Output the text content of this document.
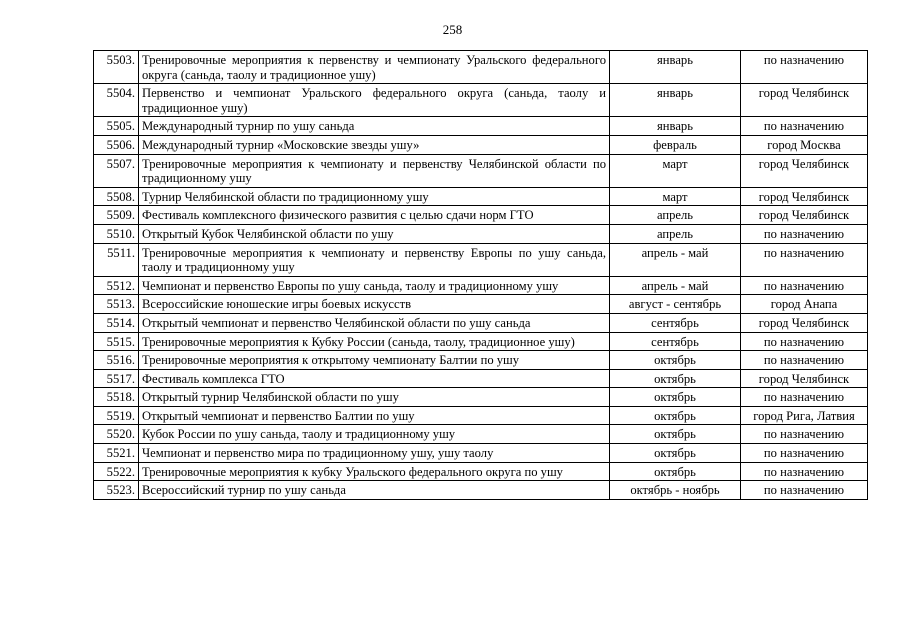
258
5503.	Тренировочные мероприятия к первенству и чемпионату Уральского федерального округа (саньда, таолу и традиционное ушу)	январь	по назначению
5504.	Первенство и чемпионат Уральского федерального округа (саньда, таолу и традиционное ушу)	январь	город Челябинск
5505.	Международный турнир по ушу саньда	январь	по назначению
5506.	Международный турнир «Московские звезды ушу»	февраль	город Москва
5507.	Тренировочные мероприятия к чемпионату и первенству Челябинской области по традиционному ушу	март	город Челябинск
5508.	Турнир Челябинской области по традиционному ушу	март	город Челябинск
5509.	Фестиваль комплексного физического развития с целью сдачи норм ГТО	апрель	город Челябинск
5510.	Открытый Кубок Челябинской области по ушу	апрель	по назначению
5511.	Тренировочные мероприятия к чемпионату и первенству Европы по ушу саньда, таолу и традиционному ушу	апрель - май	по назначению
5512.	Чемпионат и первенство Европы по ушу саньда, таолу и традиционному ушу	апрель - май	по назначению
5513.	Всероссийские юношеские игры боевых искусств	август - сентябрь	город Анапа
5514.	Открытый чемпионат и первенство Челябинской области по ушу саньда	сентябрь	город Челябинск
5515.	Тренировочные мероприятия к Кубку России (саньда, таолу, традиционное ушу)	сентябрь	по назначению
5516.	Тренировочные мероприятия к открытому чемпионату Балтии по ушу	октябрь	по назначению
5517.	Фестиваль комплекса ГТО	октябрь	город Челябинск
5518.	Открытый турнир Челябинской области по ушу	октябрь	по назначению
5519.	Открытый чемпионат и первенство Балтии по ушу	октябрь	город Рига, Латвия
5520.	Кубок России по ушу саньда, таолу и традиционному ушу	октябрь	по назначению
5521.	Чемпионат и первенство мира по традиционному ушу, ушу таолу	октябрь	по назначению
5522.	Тренировочные мероприятия к кубку Уральского федерального округа по ушу	октябрь	по назначению
5523.	Всероссийский турнир по ушу саньда	октябрь - ноябрь	по назначению
